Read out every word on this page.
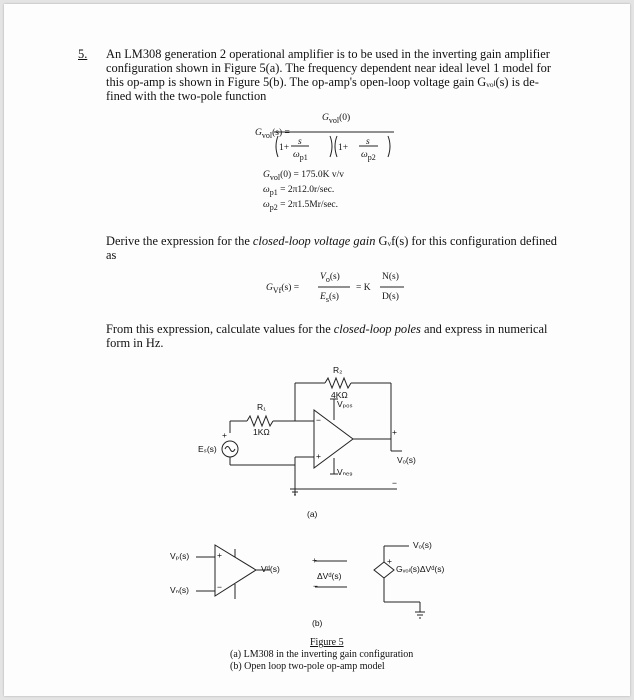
5. An LM308 generation 2 operational amplifier is to be used in the inverting gain amplifier
configuration shown in Figure 5(a). The frequency dependent near ideal level 1 model for
this op-amp is shown in Figure 5(b). The op-amp's open-loop voltage gain Gᵥₒₗ(s) is de-
fined with the two-pole function
$G_{vol}(s)$ =
$G_{vol}(0)$
1+
s
$\omega_{p1}$
1+
s
$\omega_{p2}$
$G_{vol}(0) = 175.0K$ v/v
$\omega_{p1} = 2\pi 12.0r/\sec$.
$\omega_{p2} = 2\pi 1.5Mr/\sec$.
Derive the expression for the closed-loop voltage gain Gᵥf(s) for this configuration defined
as
$G_{Vf}(s)$ =
$V_o(s)$
$E_s(s)$
= K
N(s)
D(s)
From this expression, calculate values for the closed-loop poles and express in numerical
form in Hz.
R₂
4KΩ
R₁
1KΩ
Vₚₒₛ
Vₙₑ₉
Eₛ(s)
+
−
+
+
Vₒ(s)
−
(a)
Vₚ(s)
Vₙ(s)
+
−
Vᵈ(s)
+
ΔVᵈ(s)
−
Vₒ(s)
+
Gᵥₒₗ(s)ΔVᵈ(s)
(b)
Figure 5
(a) LM308 in the inverting gain configuration
(b) Open loop two-pole op-amp model
